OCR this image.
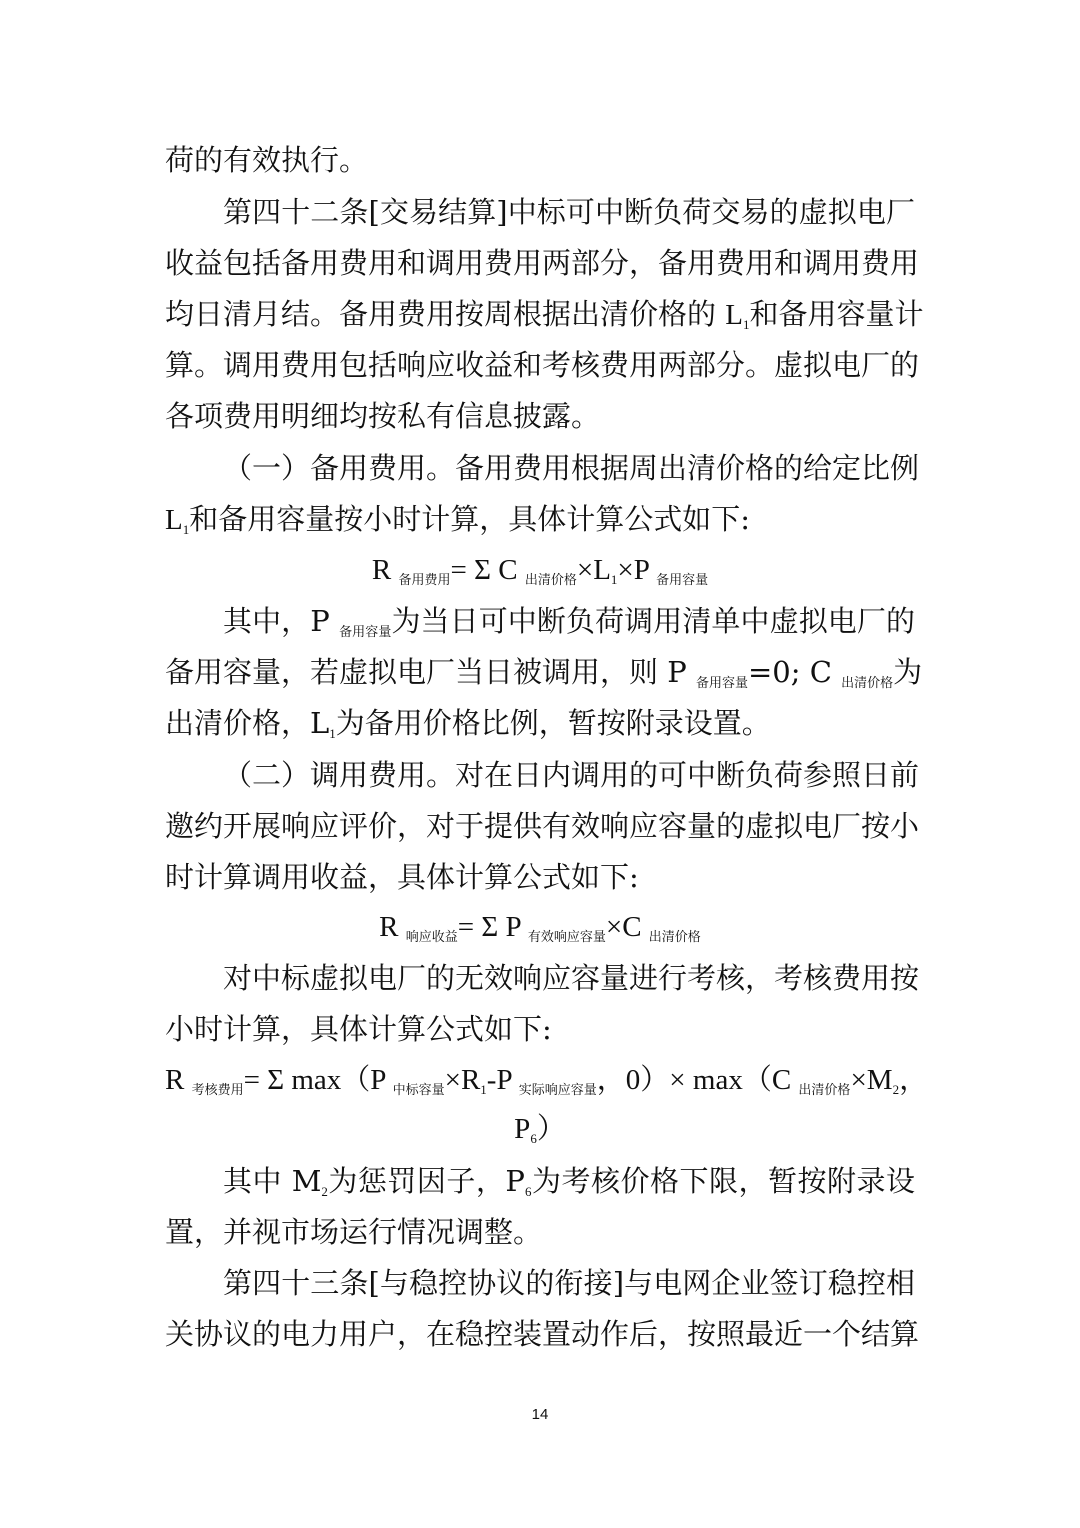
荷的有效执行。
第四十二条[交易结算]中标可中断负荷交易的虚拟电厂
收益包括备用费用和调用费用两部分，备用费用和调用费用
均日清月结。备用费用按周根据出清价格的 L1和备用容量计
算。调用费用包括响应收益和考核费用两部分。虚拟电厂的
各项费用明细均按私有信息披露。
（一）备用费用。备用费用根据周出清价格的给定比例
L1和备用容量按小时计算，具体计算公式如下:
R 备用费用= Σ C 出清价格×L1×P 备用容量
其中，P 备用容量为当日可中断负荷调用清单中虚拟电厂的
备用容量，若虚拟电厂当日被调用，则 P 备用容量=0; C 出清价格为
出清价格，L1为备用价格比例，暂按附录设置。
（二）调用费用。对在日内调用的可中断负荷参照日前
邀约开展响应评价，对于提供有效响应容量的虚拟电厂按小
时计算调用收益，具体计算公式如下:
R 响应收益= Σ P 有效响应容量×C 出清价格
对中标虚拟电厂的无效响应容量进行考核，考核费用按
小时计算，具体计算公式如下:
R 考核费用= Σ max（P 中标容量×R1-P 实际响应容量，0）× max（C 出清价格×M2，
P6）
其中 M2为惩罚因子，P6为考核价格下限，暂按附录设
置，并视市场运行情况调整。
第四十三条[与稳控协议的衔接]与电网企业签订稳控相
关协议的电力用户，在稳控装置动作后，按照最近一个结算
14
